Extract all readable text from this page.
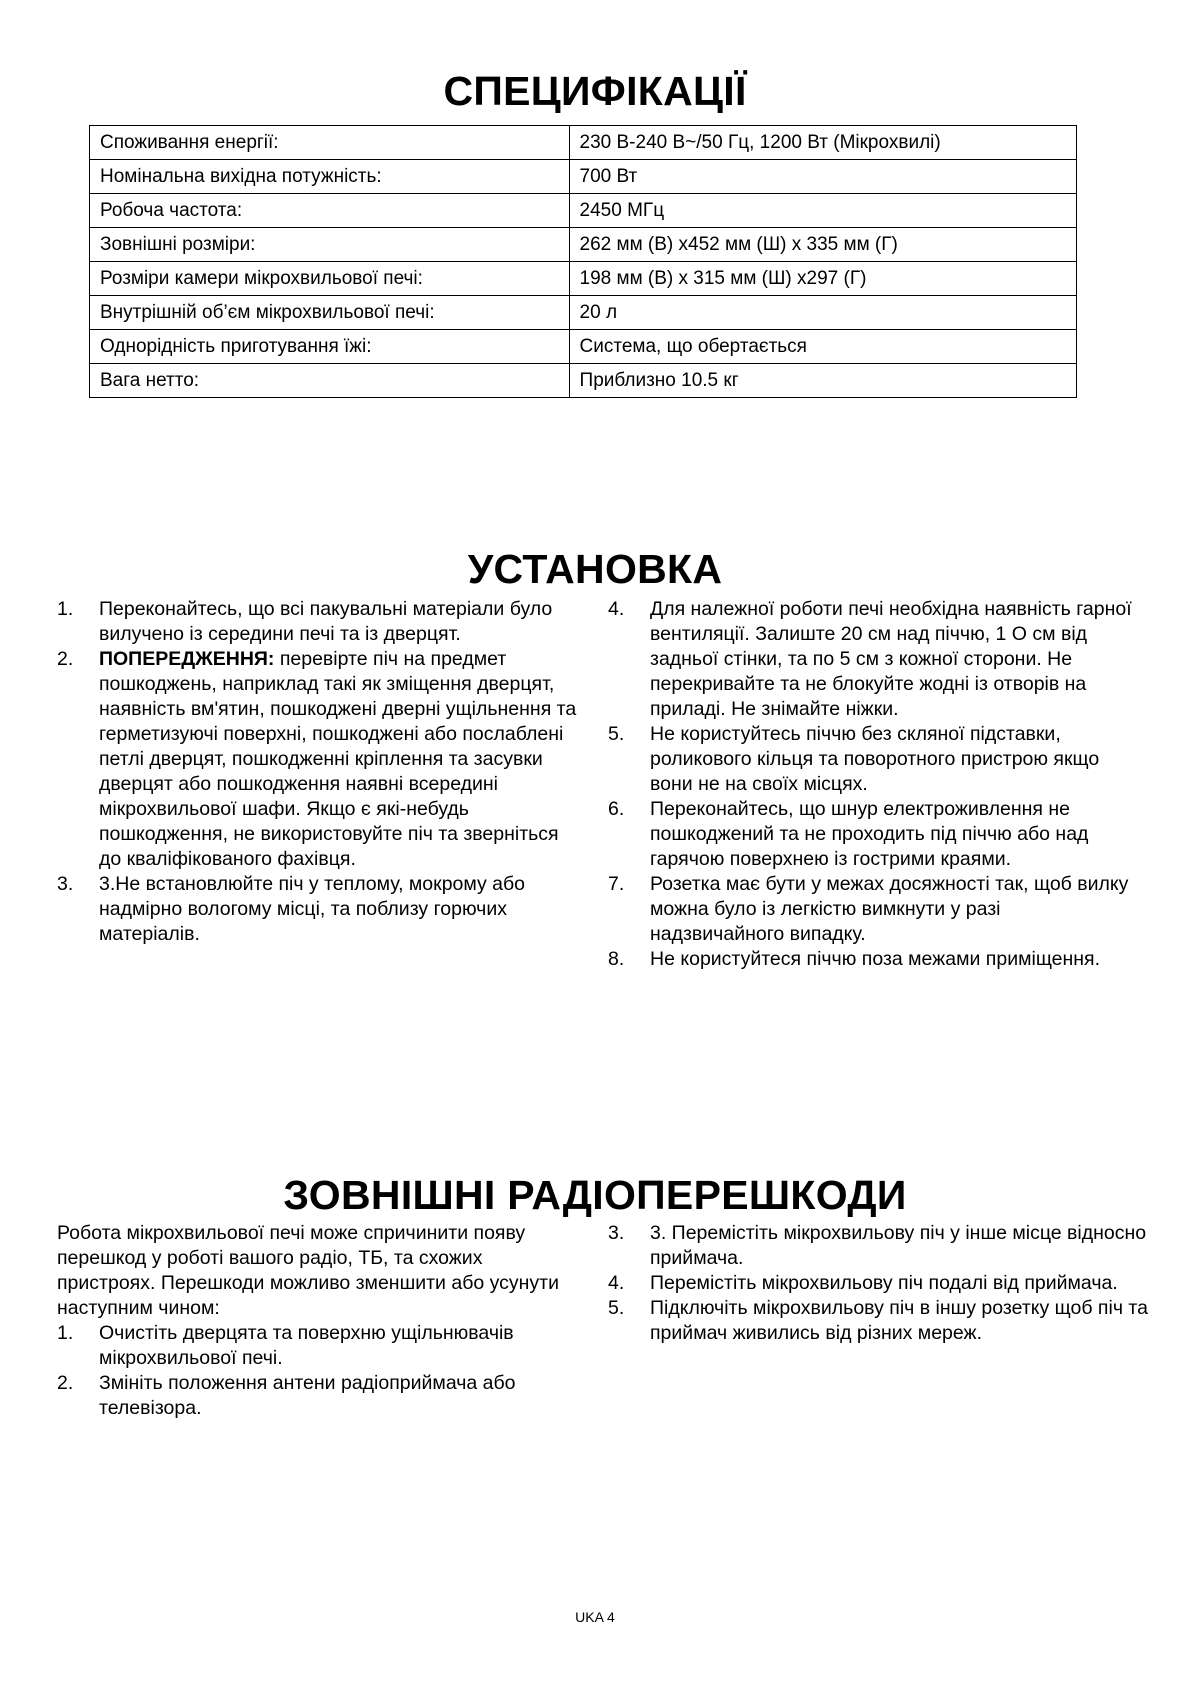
СПЕЦИФІКАЦІЇ
Споживання енергії:	230 В-240 В~/50 Гц, 1200 Вт (Мікрохвилі)
Номінальна вихідна потужність:	700 Вт
Робоча частота:	2450 МГц
Зовнішні розміри:	262 мм (В) x452 мм (Ш) x 335 мм (Г)
Розміри камери мікрохвильової печі:	198 мм (В) x 315 мм (Ш) x297 (Г)
Внутрішній об’єм мікрохвильової печі:	20 л
Однорідність приготування їжі:	Система, що обертається
Вага нетто:	Приблизно 10.5 кг
УСТАНОВКА
1. Переконайтесь, що всі пакувальні матеріали було вилучено із середини печі та із дверцят.
2. ПОПЕРЕДЖЕННЯ: перевірте піч на предмет пошкоджень, наприклад такі як зміщення дверцят, наявність вм'ятин, пошкоджені дверні ущільнення та герметизуючі поверхні, пошкоджені або послаблені петлі дверцят, пошкодженні кріплення та засувки дверцят або пошкодження наявні всередині мікрохвильової шафи. Якщо є які-небудь пошкодження, не використовуйте піч та зверніться до кваліфікованого фахівця.
3. 3.Не встановлюйте піч у теплому, мокрому або надмірно вологому місці, та поблизу горючих матеріалів.
4. Для належної роботи печі необхідна наявність гарної вентиляції. Залиште 20 см над піччю, 1 О см від задньої стінки, та по 5 см з кожної сторони. Не перекривайте та не блокуйте жодні із отворів на приладі. Не знімайте ніжки.
5. Не користуйтесь піччю без скляної підставки, роликового кільця та поворотного пристрою якщо вони не на своїх місцях.
6. Переконайтесь, що шнур електроживлення не пошкоджений та не проходить під піччю або над гарячою поверхнею із гострими краями.
7. Розетка має бути у межах досяжності так, щоб вилку можна було із легкістю вимкнути у разі надзвичайного випадку.
8. Не користуйтеся піччю поза межами приміщення.
ЗОВНІШНІ РАДІОПЕРЕШКОДИ

Робота мікрохвильової печі може спричинити появу перешкод у роботі вашого радіо, ТБ, та схожих пристроях. Перешкоди можливо зменшити або усунути наступним чином:

1. Очистіть дверцята та поверхню ущільнювачів мікрохвильової печі.
2. Змініть положення антени радіоприймача або телевізора.
3. 3. Перемістіть мікрохвильову піч у інше місце відносно приймача.
4. Перемістіть мікрохвильову піч подалі від приймача.
5. Підключіть мікрохвильову піч в іншу розетку щоб піч та приймач живились від різних мереж.
UKA 4
